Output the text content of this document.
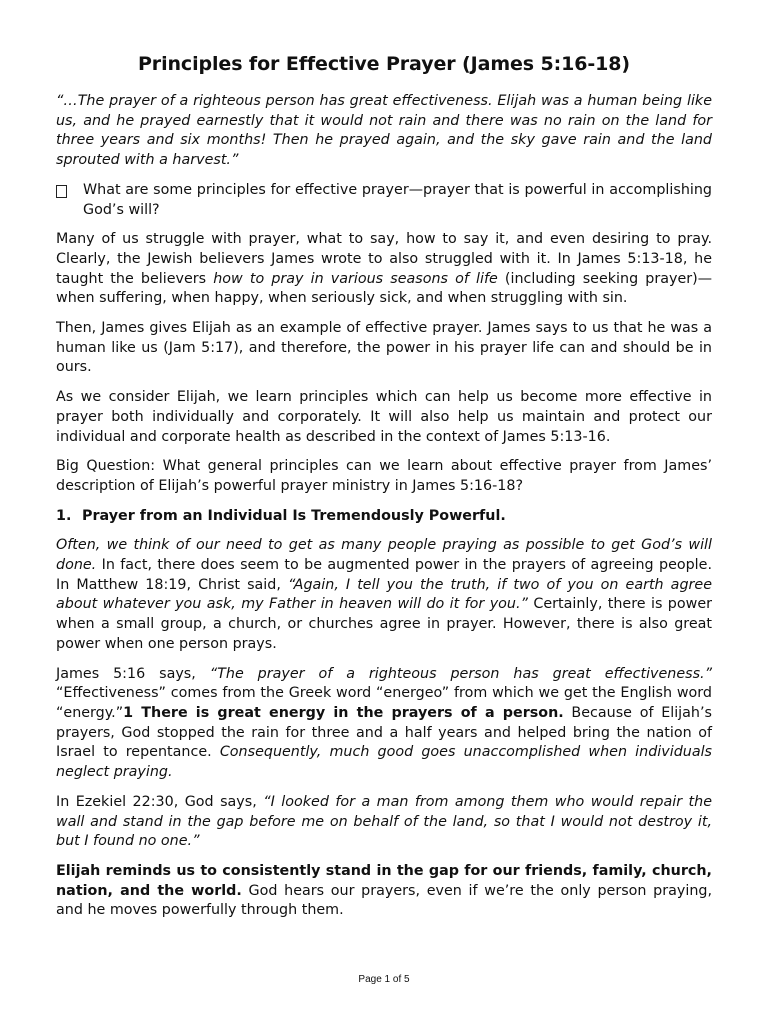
Principles for Effective Prayer (James 5:16-18)

“…The prayer of a righteous person has great effectiveness. Elijah was a human being like us, and he prayed earnestly that it would not rain and there was no rain on the land for three years and six months! Then he prayed again, and the sky gave rain and the land sprouted with a harvest.”

What are some principles for effective prayer—prayer that is powerful in accomplishing God’s will?

Many of us struggle with prayer, what to say, how to say it, and even desiring to pray. Clearly, the Jewish believers James wrote to also struggled with it. In James 5:13-18, he taught the believers how to pray in various seasons of life (including seeking prayer)—when suffering, when happy, when seriously sick, and when struggling with sin.

Then, James gives Elijah as an example of effective prayer. James says to us that he was a human like us (Jam 5:17), and therefore, the power in his prayer life can and should be in ours.

As we consider Elijah, we learn principles which can help us become more effective in prayer both individually and corporately. It will also help us maintain and protect our individual and corporate health as described in the context of James 5:13-16.

Big Question: What general principles can we learn about effective prayer from James’ description of Elijah’s powerful prayer ministry in James 5:16-18?

1. Prayer from an Individual Is Tremendously Powerful.

Often, we think of our need to get as many people praying as possible to get God’s will done. In fact, there does seem to be augmented power in the prayers of agreeing people. In Matthew 18:19, Christ said, “Again, I tell you the truth, if two of you on earth agree about whatever you ask, my Father in heaven will do it for you.” Certainly, there is power when a small group, a church, or churches agree in prayer. However, there is also great power when one person prays.

James 5:16 says, “The prayer of a righteous person has great effectiveness.” “Effectiveness” comes from the Greek word “energeo” from which we get the English word “energy.”1 There is great energy in the prayers of a person. Because of Elijah’s prayers, God stopped the rain for three and a half years and helped bring the nation of Israel to repentance. Consequently, much good goes unaccomplished when individuals neglect praying.

In Ezekiel 22:30, God says, “I looked for a man from among them who would repair the wall and stand in the gap before me on behalf of the land, so that I would not destroy it, but I found no one.”

Elijah reminds us to consistently stand in the gap for our friends, family, church, nation, and the world. God hears our prayers, even if we’re the only person praying, and he moves powerfully through them.

Page 1 of 5
